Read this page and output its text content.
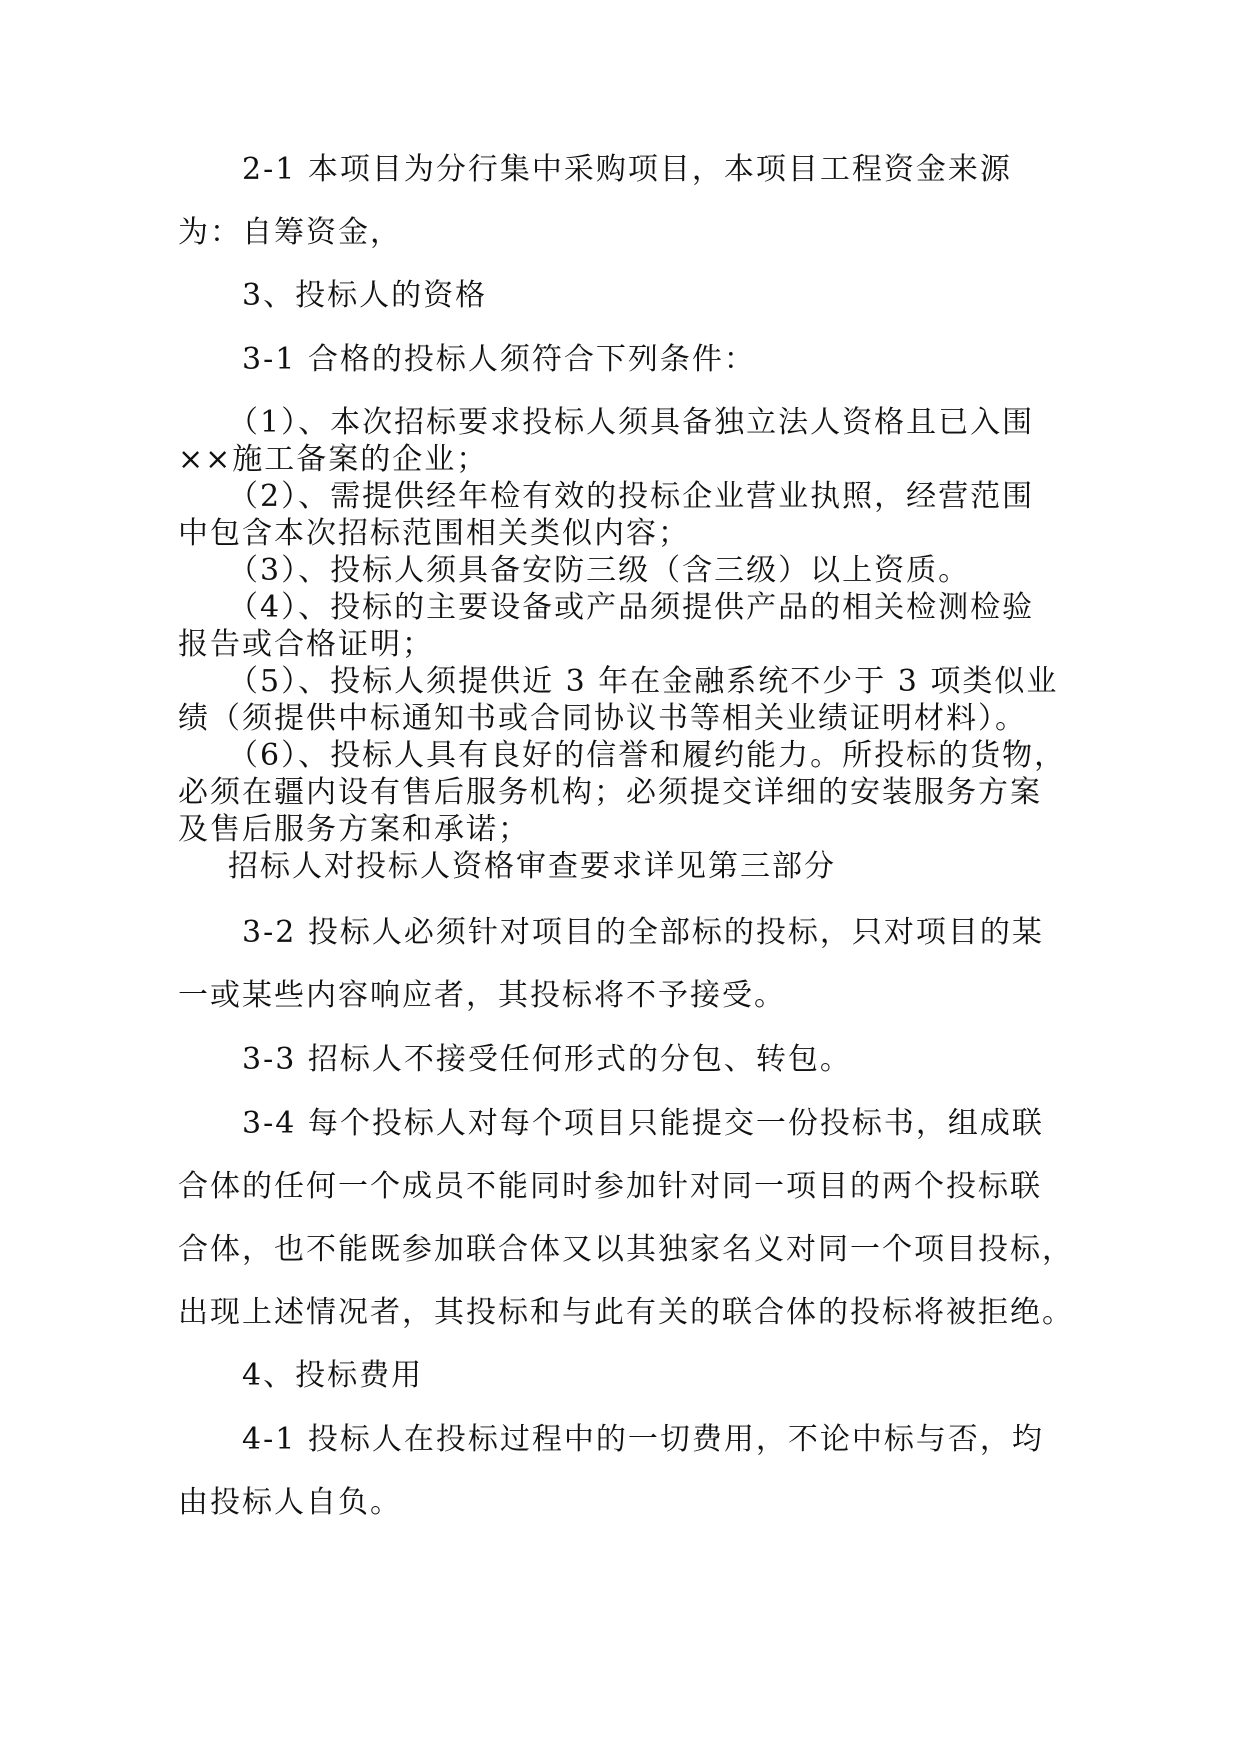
2-1 本项目为分行集中采购项目，本项目工程资金来源
为：自筹资金，
3、投标人的资格
3-1 合格的投标人须符合下列条件：
（1）、本次招标要求投标人须具备独立法人资格且已入围
××施工备案的企业；
（2）、需提供经年检有效的投标企业营业执照，经营范围
中包含本次招标范围相关类似内容；
（3）、投标人须具备安防三级（含三级）以上资质。
（4）、投标的主要设备或产品须提供产品的相关检测检验
报告或合格证明；
（5）、投标人须提供近 3 年在金融系统不少于 3 项类似业
绩（须提供中标通知书或合同协议书等相关业绩证明材料）。
（6）、投标人具有良好的信誉和履约能力。所投标的货物，
必须在疆内设有售后服务机构；必须提交详细的安装服务方案
及售后服务方案和承诺；
招标人对投标人资格审查要求详见第三部分
3-2 投标人必须针对项目的全部标的投标，只对项目的某
一或某些内容响应者，其投标将不予接受。
3-3 招标人不接受任何形式的分包、转包。
3-4 每个投标人对每个项目只能提交一份投标书，组成联
合体的任何一个成员不能同时参加针对同一项目的两个投标联
合体，也不能既参加联合体又以其独家名义对同一个项目投标，
出现上述情况者，其投标和与此有关的联合体的投标将被拒绝。
4、投标费用
4-1 投标人在投标过程中的一切费用，不论中标与否，均
由投标人自负。
